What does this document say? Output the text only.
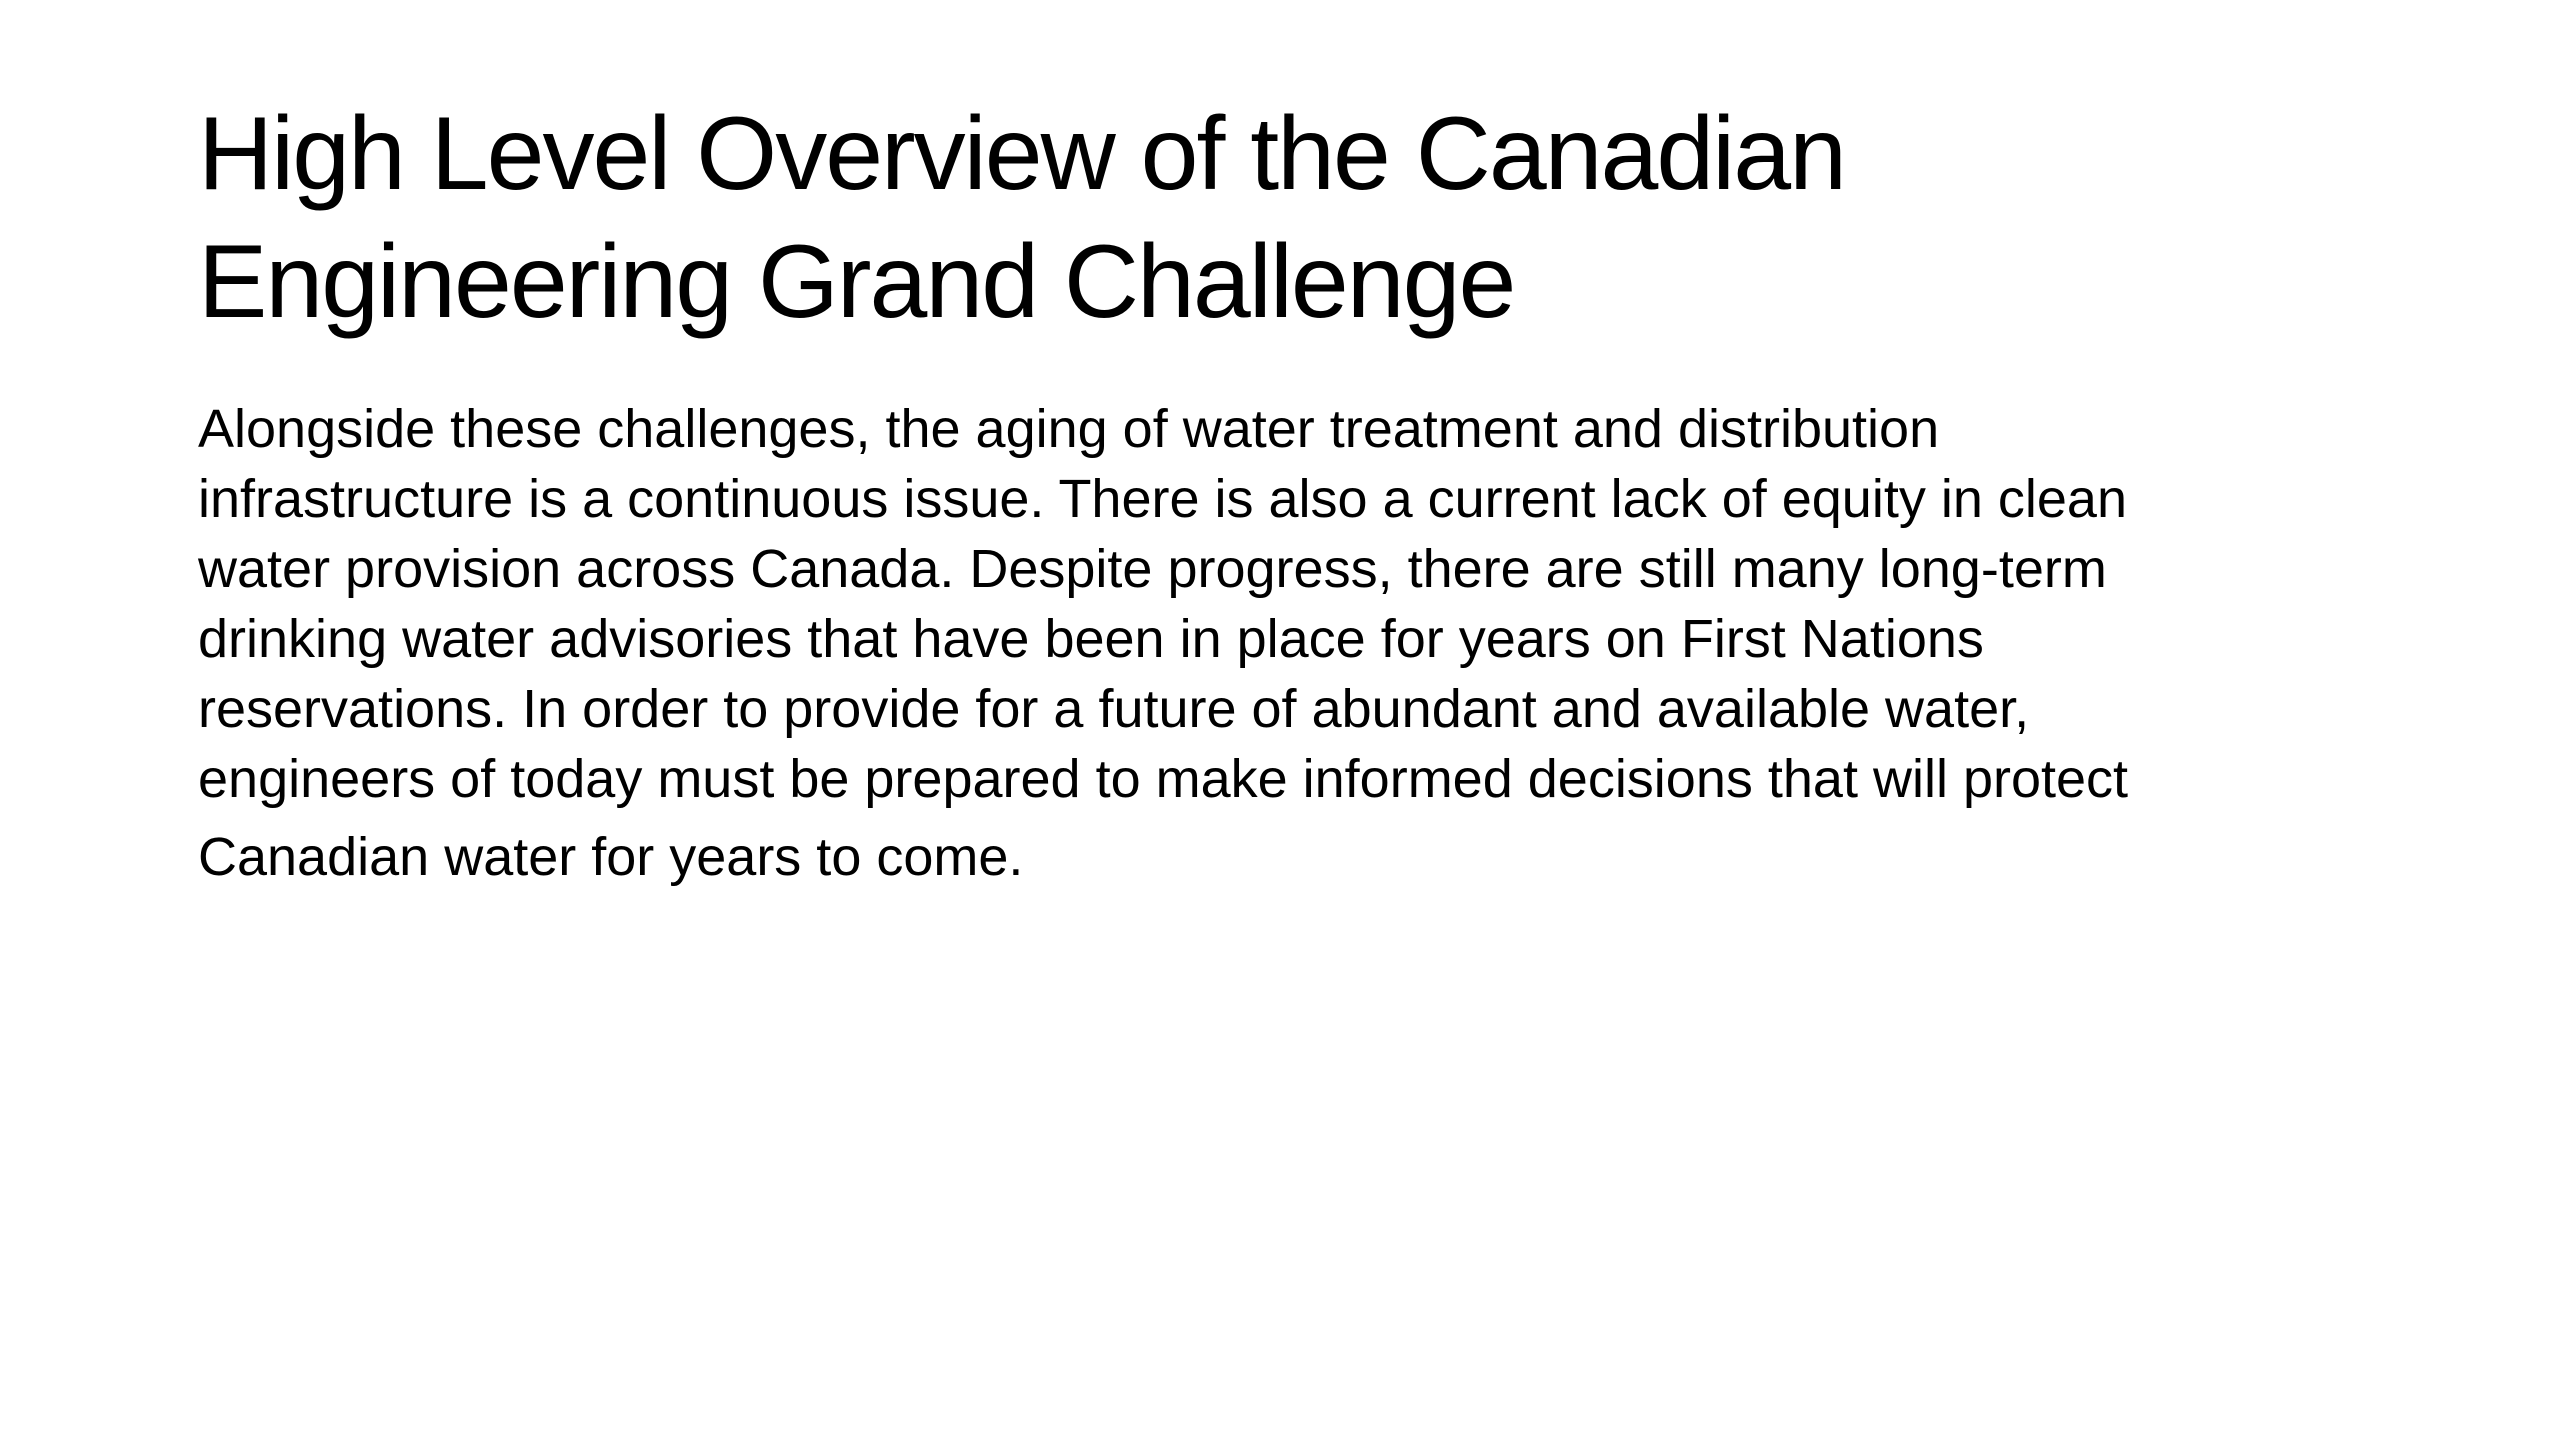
High Level Overview of the Canadian
Engineering Grand Challenge
Alongside these challenges, the aging of water treatment and distribution
infrastructure is a continuous issue. There is also a current lack of equity in clean
water provision across Canada. Despite progress, there are still many long-term
drinking water advisories that have been in place for years on First Nations
reservations. In order to provide for a future of abundant and available water,
engineers of today must be prepared to make informed decisions that will protect
Canadian water for years to come.
